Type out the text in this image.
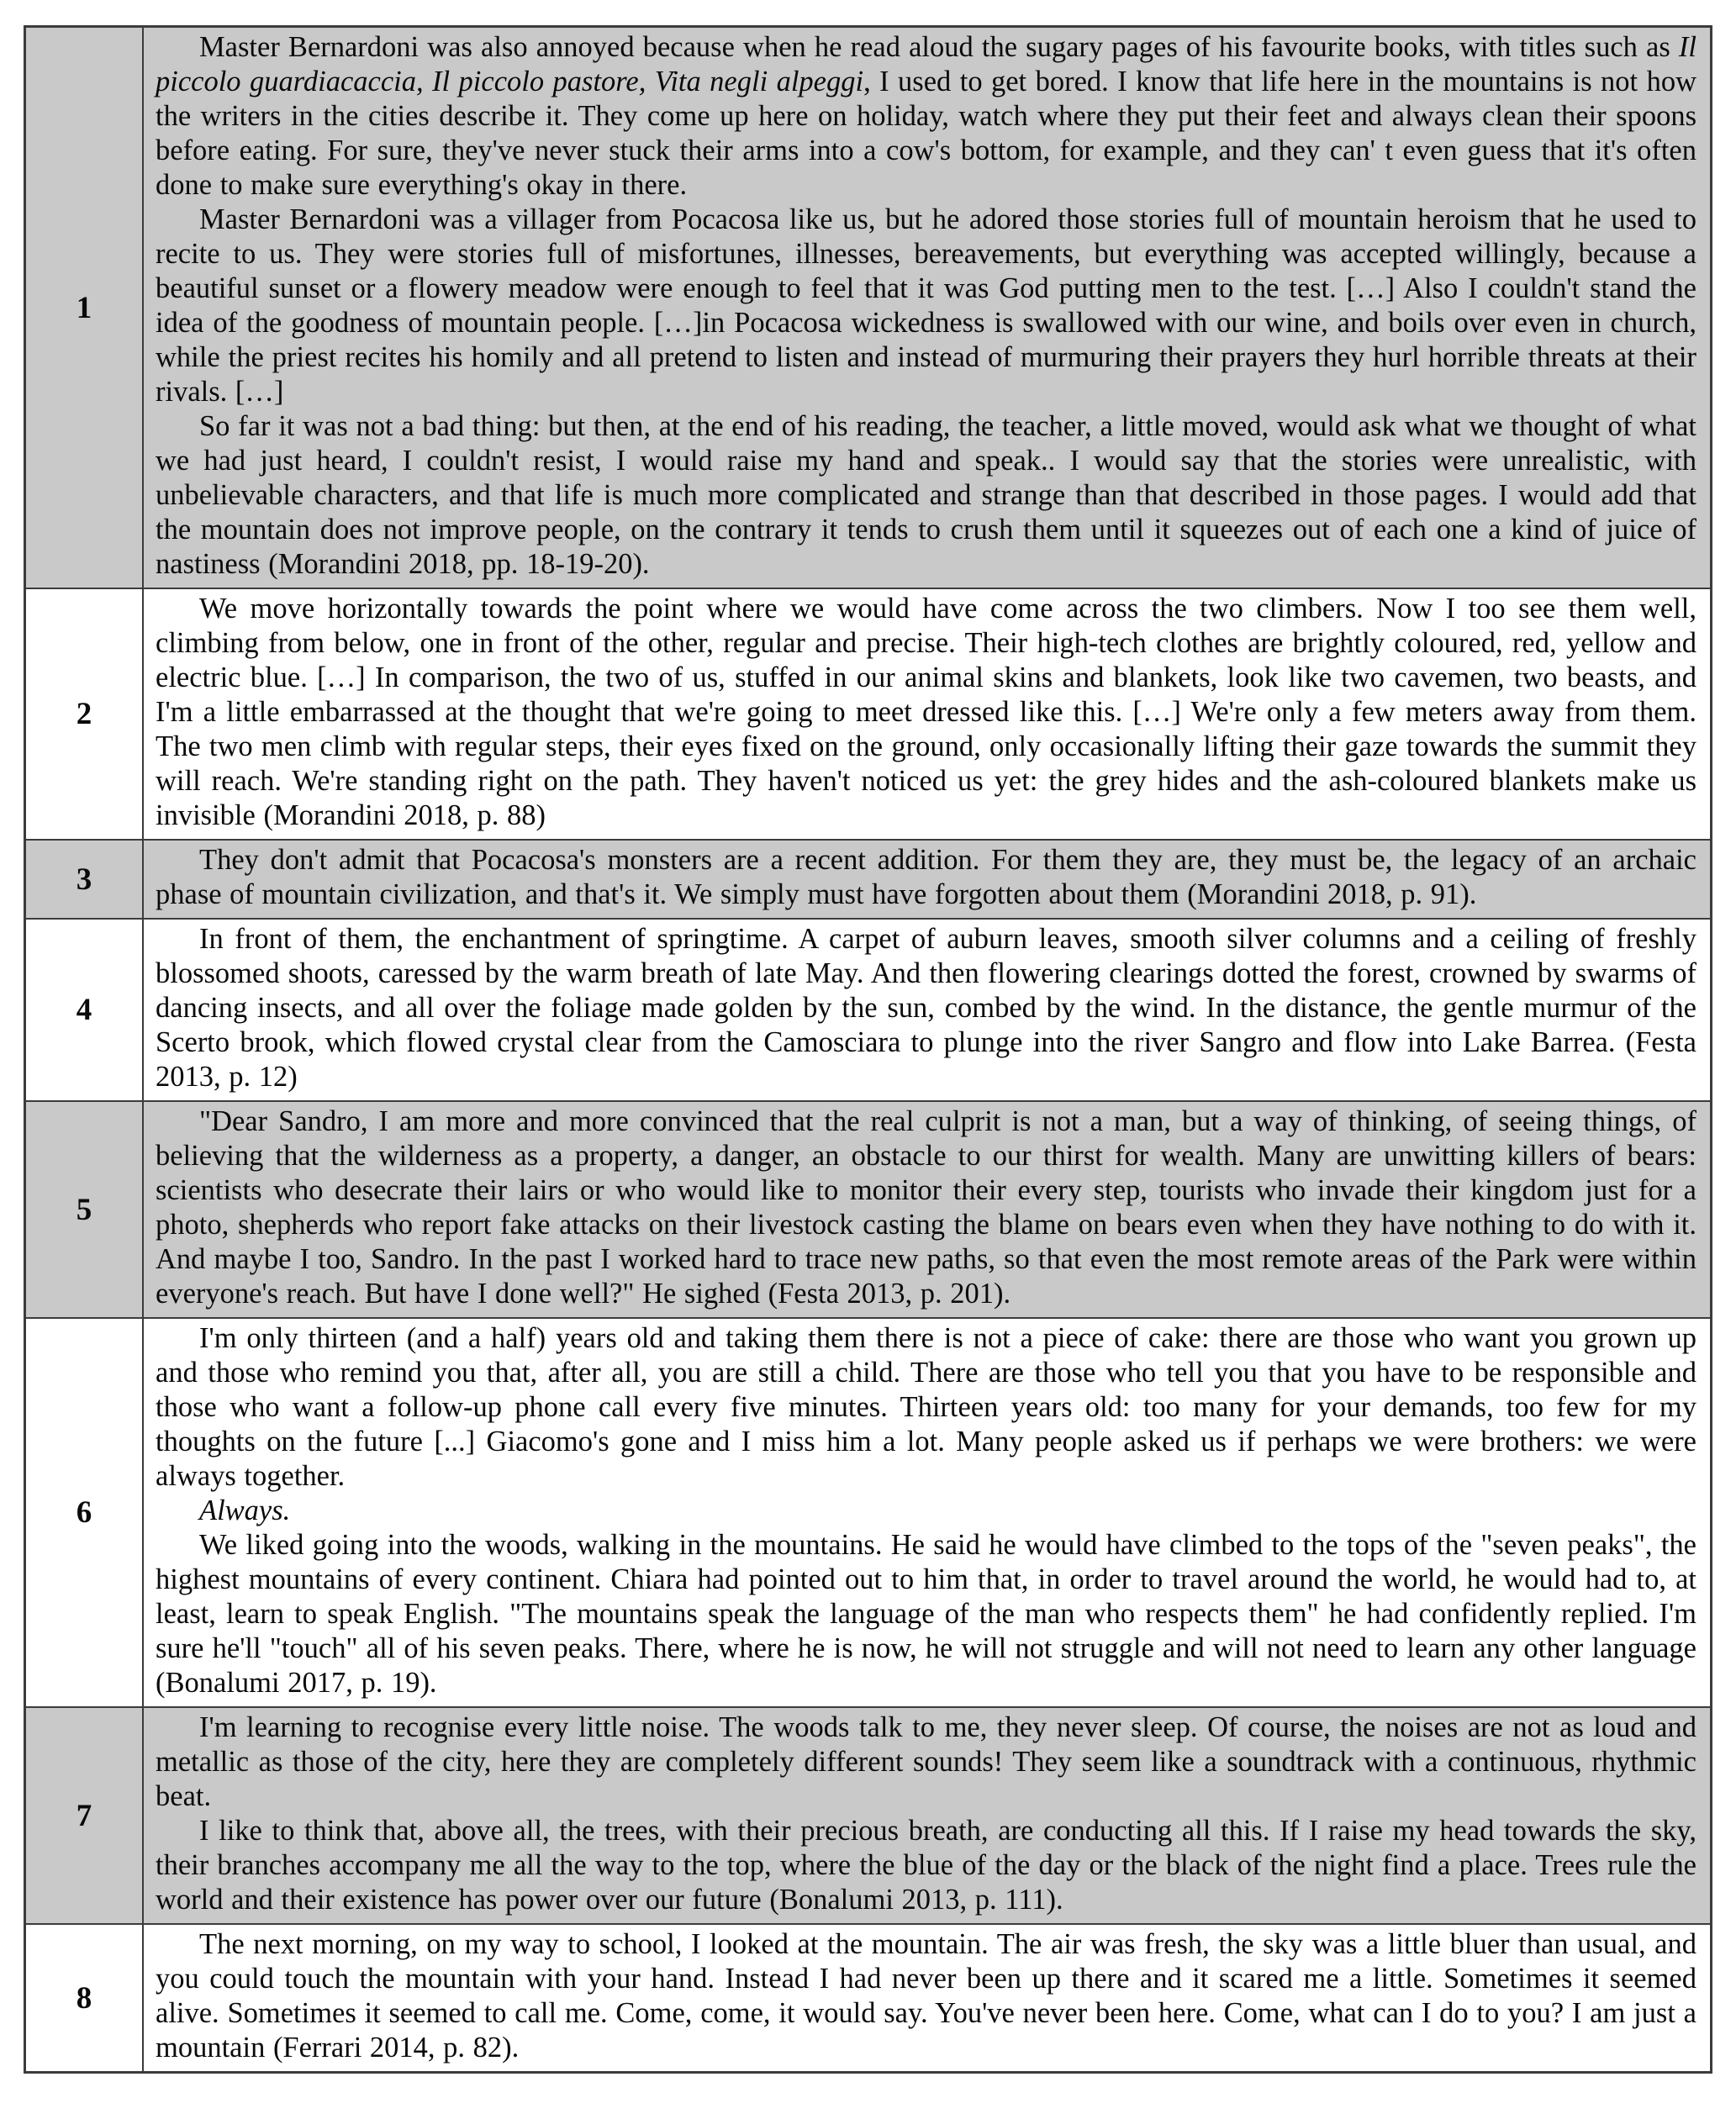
1	Master Bernardoni was also annoyed because when he read aloud the sugary pages of his favourite books, with titles such as Il piccolo guardiacaccia, Il piccolo pastore, Vita negli alpeggi, I used to get bored. I know that life here in the mountains is not how the writers in the cities describe it. They come up here on holiday, watch where they put their feet and always clean their spoons before eating. For sure, they've never stuck their arms into a cow's bottom, for example, and they can' t even guess that it's often done to make sure everything's okay in there.

Master Bernardoni was a villager from Pocacosa like us, but he adored those stories full of mountain heroism that he used to recite to us. They were stories full of misfortunes, illnesses, bereavements, but everything was accepted willingly, because a beautiful sunset or a flowery meadow were enough to feel that it was God putting men to the test. […] Also I couldn't stand the idea of the goodness of mountain people. […]in Pocacosa wickedness is swallowed with our wine, and boils over even in church, while the priest recites his homily and all pretend to listen and instead of murmuring their prayers they hurl horrible threats at their rivals. […]

So far it was not a bad thing: but then, at the end of his reading, the teacher, a little moved, would ask what we thought of what we had just heard, I couldn't resist, I would raise my hand and speak.. I would say that the stories were unrealistic, with unbelievable characters, and that life is much more complicated and strange than that described in those pages. I would add that the mountain does not improve people, on the contrary it tends to crush them until it squeezes out of each one a kind of juice of nastiness (Morandini 2018, pp. 18-19-20).

2	We move horizontally towards the point where we would have come across the two climbers. Now I too see them well, climbing from below, one in front of the other, regular and precise. Their high-tech clothes are brightly coloured, red, yellow and electric blue. […] In comparison, the two of us, stuffed in our animal skins and blankets, look like two cavemen, two beasts, and I'm a little embarrassed at the thought that we're going to meet dressed like this. […] We're only a few meters away from them. The two men climb with regular steps, their eyes fixed on the ground, only occasionally lifting their gaze towards the summit they will reach. We're standing right on the path. They haven't noticed us yet: the grey hides and the ash-coloured blankets make us invisible (Morandini 2018, p. 88)

3	They don't admit that Pocacosa's monsters are a recent addition. For them they are, they must be, the legacy of an archaic phase of mountain civilization, and that's it. We simply must have forgotten about them (Morandini 2018, p. 91).

4	In front of them, the enchantment of springtime. A carpet of auburn leaves, smooth silver columns and a ceiling of freshly blossomed shoots, caressed by the warm breath of late May. And then flowering clearings dotted the forest, crowned by swarms of dancing insects, and all over the foliage made golden by the sun, combed by the wind. In the distance, the gentle murmur of the Scerto brook, which flowed crystal clear from the Camosciara to plunge into the river Sangro and flow into Lake Barrea. (Festa 2013, p. 12)

5	"Dear Sandro, I am more and more convinced that the real culprit is not a man, but a way of thinking, of seeing things, of believing that the wilderness as a property, a danger, an obstacle to our thirst for wealth. Many are unwitting killers of bears: scientists who desecrate their lairs or who would like to monitor their every step, tourists who invade their kingdom just for a photo, shepherds who report fake attacks on their livestock casting the blame on bears even when they have nothing to do with it. And maybe I too, Sandro. In the past I worked hard to trace new paths, so that even the most remote areas of the Park were within everyone's reach. But have I done well?" He sighed (Festa 2013, p. 201).

6	I'm only thirteen (and a half) years old and taking them there is not a piece of cake: there are those who want you grown up and those who remind you that, after all, you are still a child. There are those who tell you that you have to be responsible and those who want a follow-up phone call every five minutes. Thirteen years old: too many for your demands, too few for my thoughts on the future [...] Giacomo's gone and I miss him a lot. Many people asked us if perhaps we were brothers: we were always together.

Always.

We liked going into the woods, walking in the mountains. He said he would have climbed to the tops of the "seven peaks", the highest mountains of every continent. Chiara had pointed out to him that, in order to travel around the world, he would had to, at least, learn to speak English. "The mountains speak the language of the man who respects them" he had confidently replied. I'm sure he'll "touch" all of his seven peaks. There, where he is now, he will not struggle and will not need to learn any other language (Bonalumi 2017, p. 19).

7	I'm learning to recognise every little noise. The woods talk to me, they never sleep. Of course, the noises are not as loud and metallic as those of the city, here they are completely different sounds! They seem like a soundtrack with a continuous, rhythmic beat.

I like to think that, above all, the trees, with their precious breath, are conducting all this. If I raise my head towards the sky, their branches accompany me all the way to the top, where the blue of the day or the black of the night find a place. Trees rule the world and their existence has power over our future (Bonalumi 2013, p. 111).

8	The next morning, on my way to school, I looked at the mountain. The air was fresh, the sky was a little bluer than usual, and you could touch the mountain with your hand. Instead I had never been up there and it scared me a little. Sometimes it seemed alive. Sometimes it seemed to call me. Come, come, it would say. You've never been here. Come, what can I do to you? I am just a mountain (Ferrari 2014, p. 82).
